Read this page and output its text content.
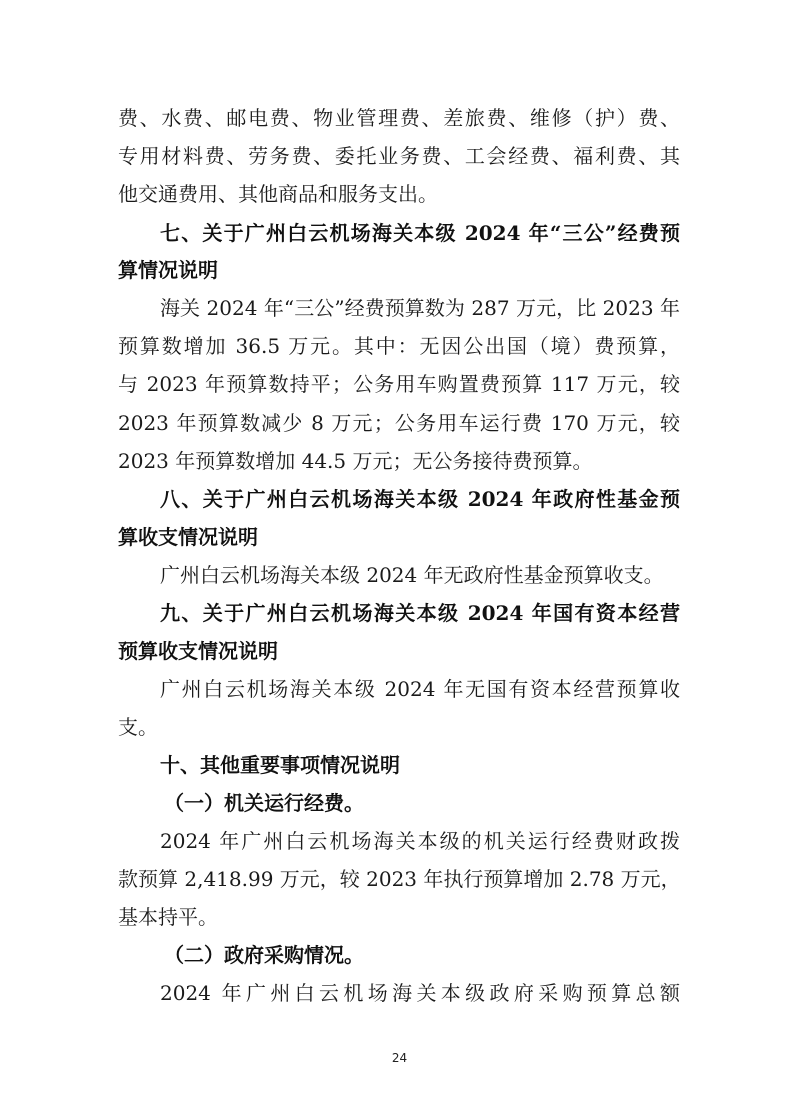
费、水费、邮电费、物业管理费、差旅费、维修（护）费、
专用材料费、劳务费、委托业务费、工会经费、福利费、其
他交通费用、其他商品和服务支出。
七、关于广州白云机场海关本级 2024 年“三公”经费预
算情况说明
海关 2024 年“三公”经费预算数为 287 万元，比 2023 年
预算数增加 36.5 万元。其中：无因公出国（境）费预算，
与 2023 年预算数持平；公务用车购置费预算 117 万元，较
2023 年预算数减少 8 万元；公务用车运行费 170 万元，较
2023 年预算数增加 44.5 万元；无公务接待费预算。
八、关于广州白云机场海关本级 2024 年政府性基金预
算收支情况说明
广州白云机场海关本级 2024 年无政府性基金预算收支。
九、关于广州白云机场海关本级 2024 年国有资本经营
预算收支情况说明
广州白云机场海关本级 2024 年无国有资本经营预算收
支。
十、其他重要事项情况说明
（一）机关运行经费。
2024 年广州白云机场海关本级的机关运行经费财政拨
款预算 2,418.99 万元，较 2023 年执行预算增加 2.78 万元，
基本持平。
（二）政府采购情况。
2024 年广州白云机场海关本级政府采购预算总额
24
